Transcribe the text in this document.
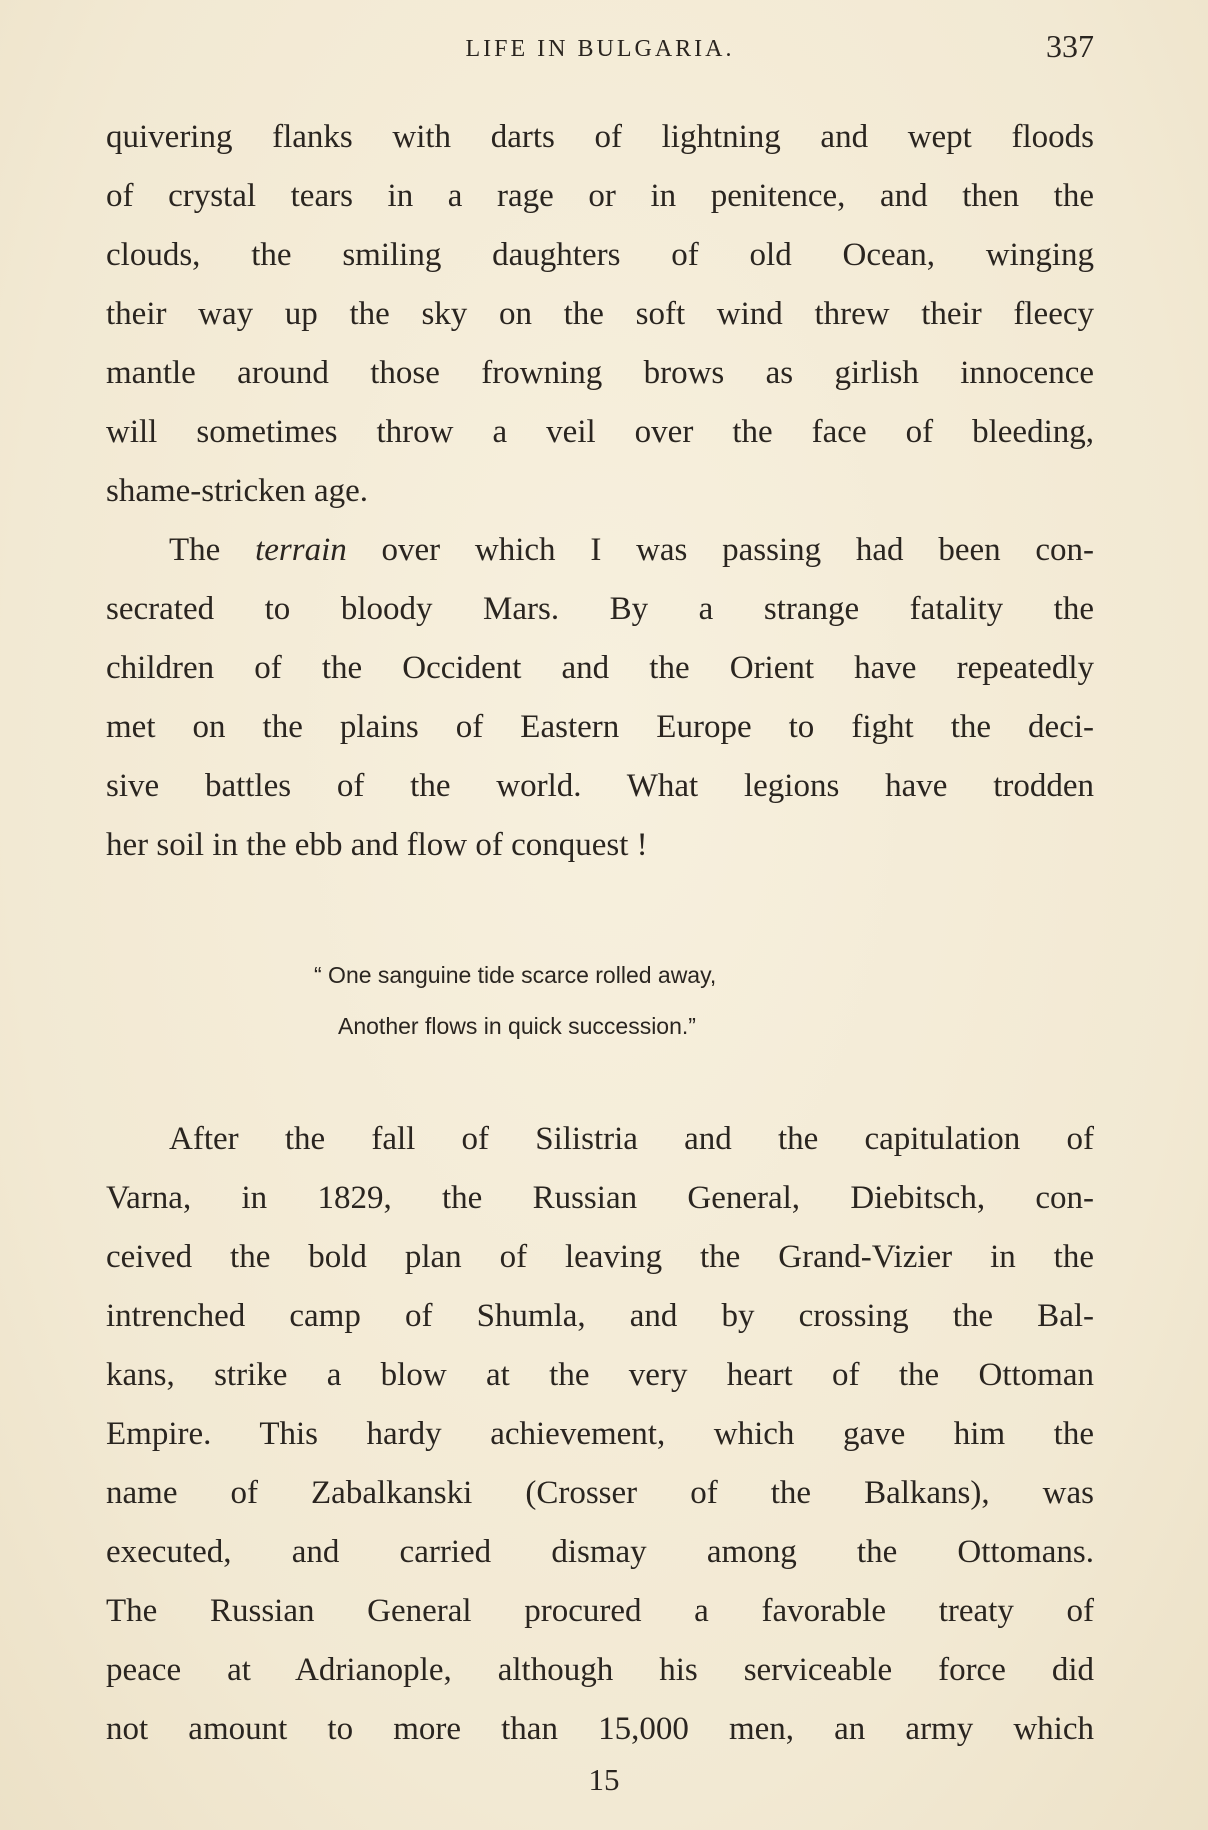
LIFE IN BULGARIA.	337

quivering flanks with darts of lightning and wept floods
of crystal tears in a rage or in penitence, and then the
clouds, the smiling daughters of old Ocean, winging
their way up the sky on the soft wind threw their fleecy
mantle around those frowning brows as girlish innocence
will sometimes throw a veil over the face of bleeding,
shame-stricken age.

The terrain over which I was passing had been con-
secrated to bloody Mars. By a strange fatality the
children of the Occident and the Orient have repeatedly
met on the plains of Eastern Europe to fight the deci-
sive battles of the world. What legions have trodden
her soil in the ebb and flow of conquest !

“ One sanguine tide scarce rolled away,
Another flows in quick succession.”

After the fall of Silistria and the capitulation of
Varna, in 1829, the Russian General, Diebitsch, con-
ceived the bold plan of leaving the Grand-Vizier in the
intrenched camp of Shumla, and by crossing the Bal-
kans, strike a blow at the very heart of the Ottoman
Empire. This hardy achievement, which gave him the
name of Zabalkanski (Crosser of the Balkans), was
executed, and carried dismay among the Ottomans.
The Russian General procured a favorable treaty of
peace at Adrianople, although his serviceable force did
not amount to more than 15,000 men, an army which

15
